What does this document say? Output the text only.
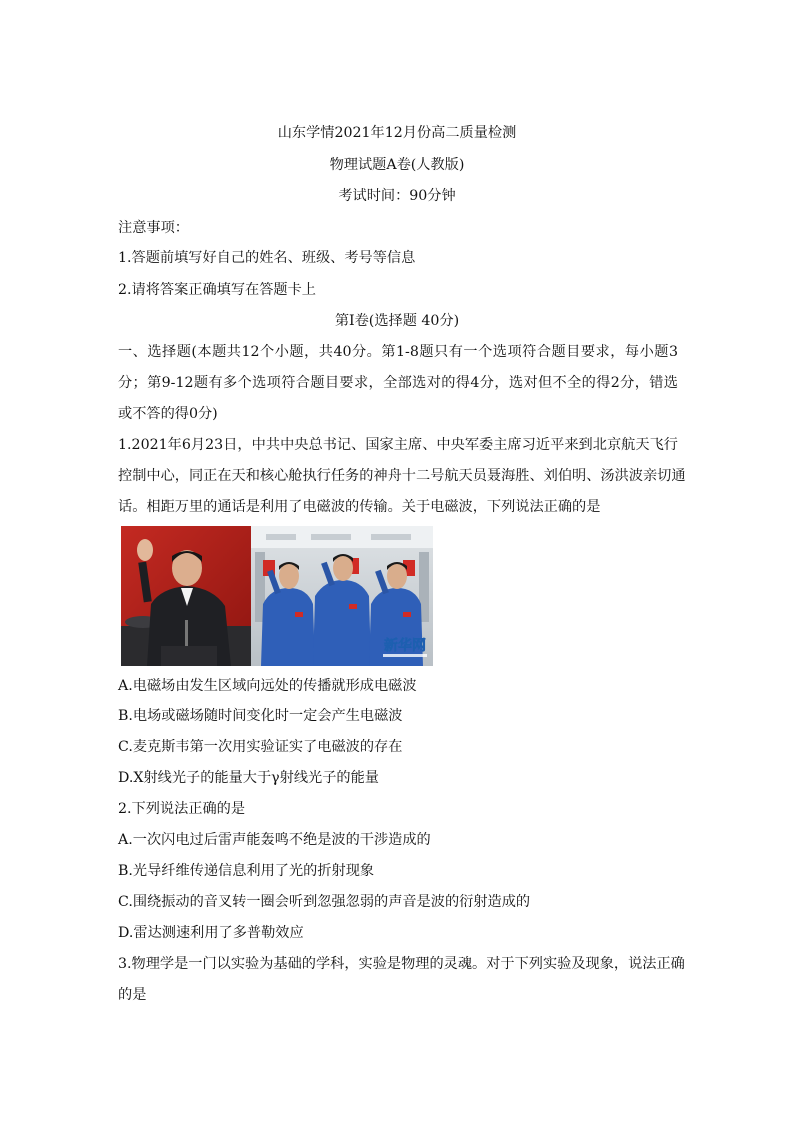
山东学情2021年12月份高二质量检测
物理试题A卷(人教版)
考试时间：90分钟
注意事项：
1.答题前填写好自己的姓名、班级、考号等信息
2.请将答案正确填写在答题卡上
第I卷(选择题 40分)
一、选择题(本题共12个小题，共40分。第1-8题只有一个选项符合题目要求，每小题3
分；第9-12题有多个选项符合题目要求，全部选对的得4分，选对但不全的得2分，错选
或不答的得0分)
1.2021年6月23日，中共中央总书记、国家主席、中央军委主席习近平来到北京航天飞行
控制中心，同正在天和核心舱执行任务的神舟十二号航天员聂海胜、刘伯明、汤洪波亲切通
话。相距万里的通话是利用了电磁波的传输。关于电磁波，下列说法正确的是
新华网
A.电磁场由发生区域向远处的传播就形成电磁波
B.电场或磁场随时间变化时一定会产生电磁波
C.麦克斯韦第一次用实验证实了电磁波的存在
D.X射线光子的能量大于γ射线光子的能量
2.下列说法正确的是
A.一次闪电过后雷声能轰鸣不绝是波的干涉造成的
B.光导纤维传递信息利用了光的折射现象
C.围绕振动的音叉转一圈会听到忽强忽弱的声音是波的衍射造成的
D.雷达测速利用了多普勒效应
3.物理学是一门以实验为基础的学科，实验是物理的灵魂。对于下列实验及现象，说法正确
的是
